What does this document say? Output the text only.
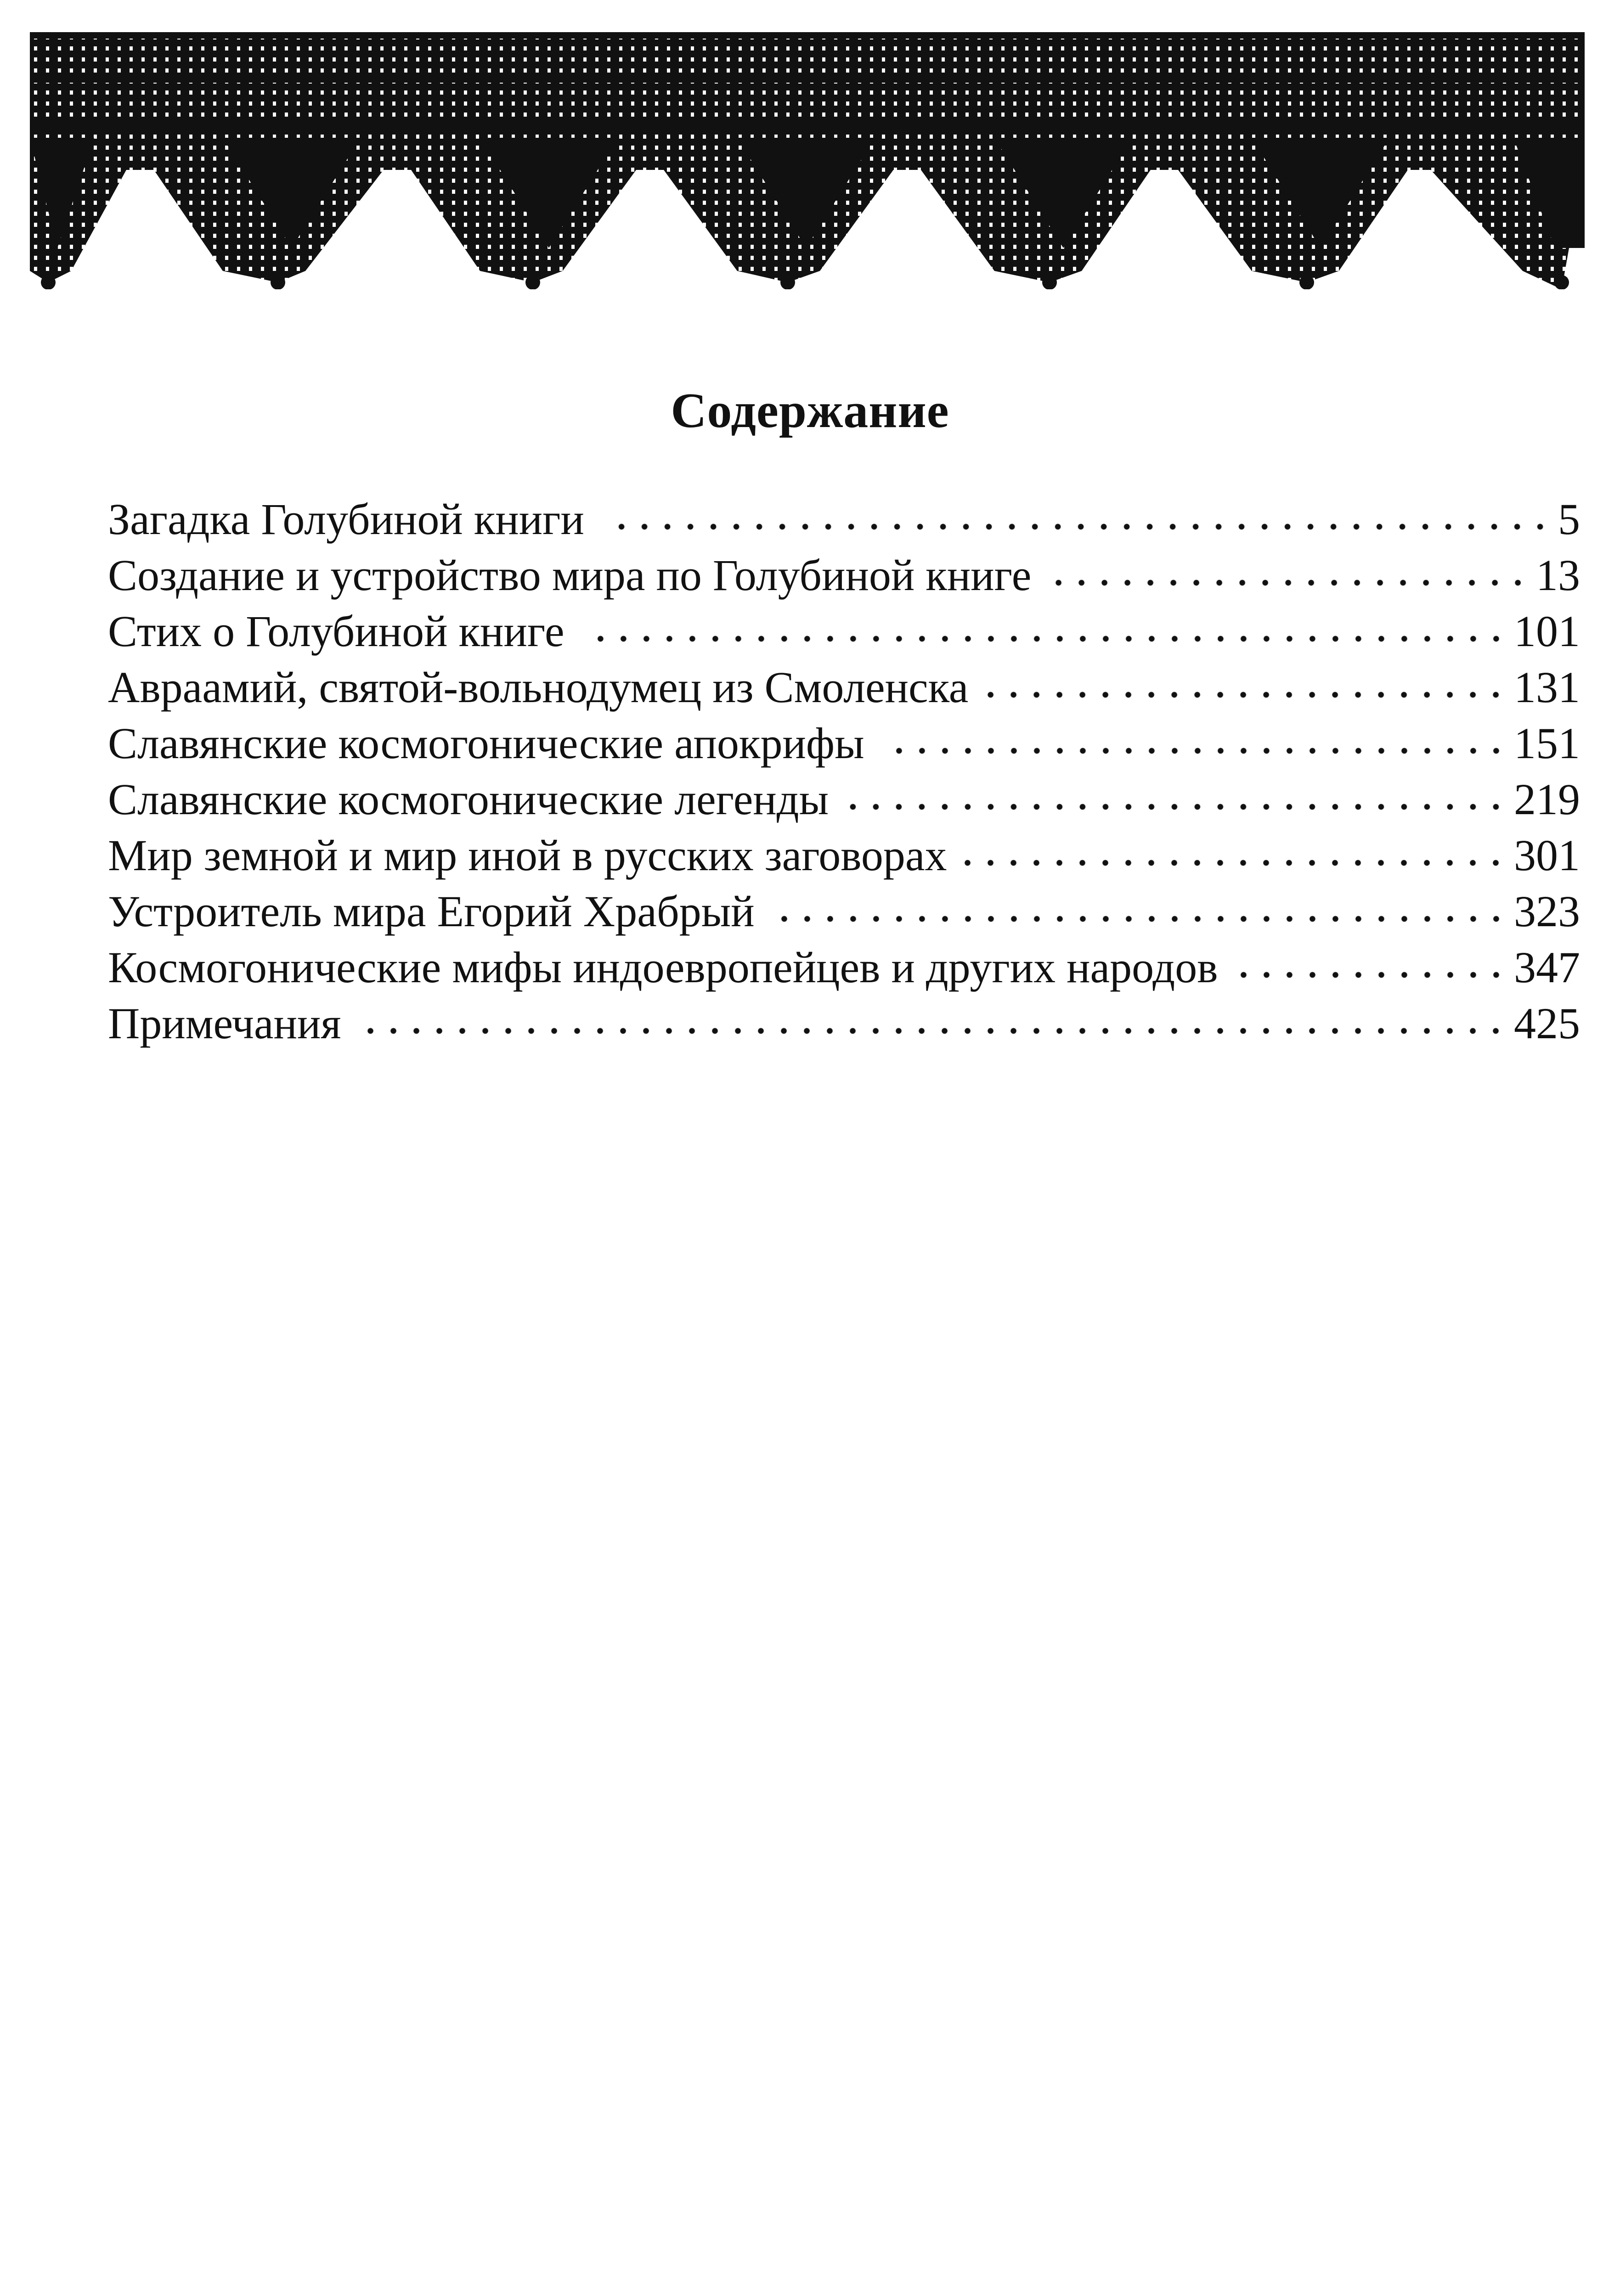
Содержание
Загадка Голубиной книги	5
Создание и устройство мира по Голубиной книге	13
Стих о Голубиной книге	101
Авраамий, святой-вольнодумец из Смоленска	131
Славянские космогонические апокрифы	151
Славянские космогонические легенды	219
Мир земной и мир иной в русских заговорах	301
Устроитель мира Егорий Храбрый	323
Космогонические мифы индоевропейцев и других народов	347
Примечания	425
